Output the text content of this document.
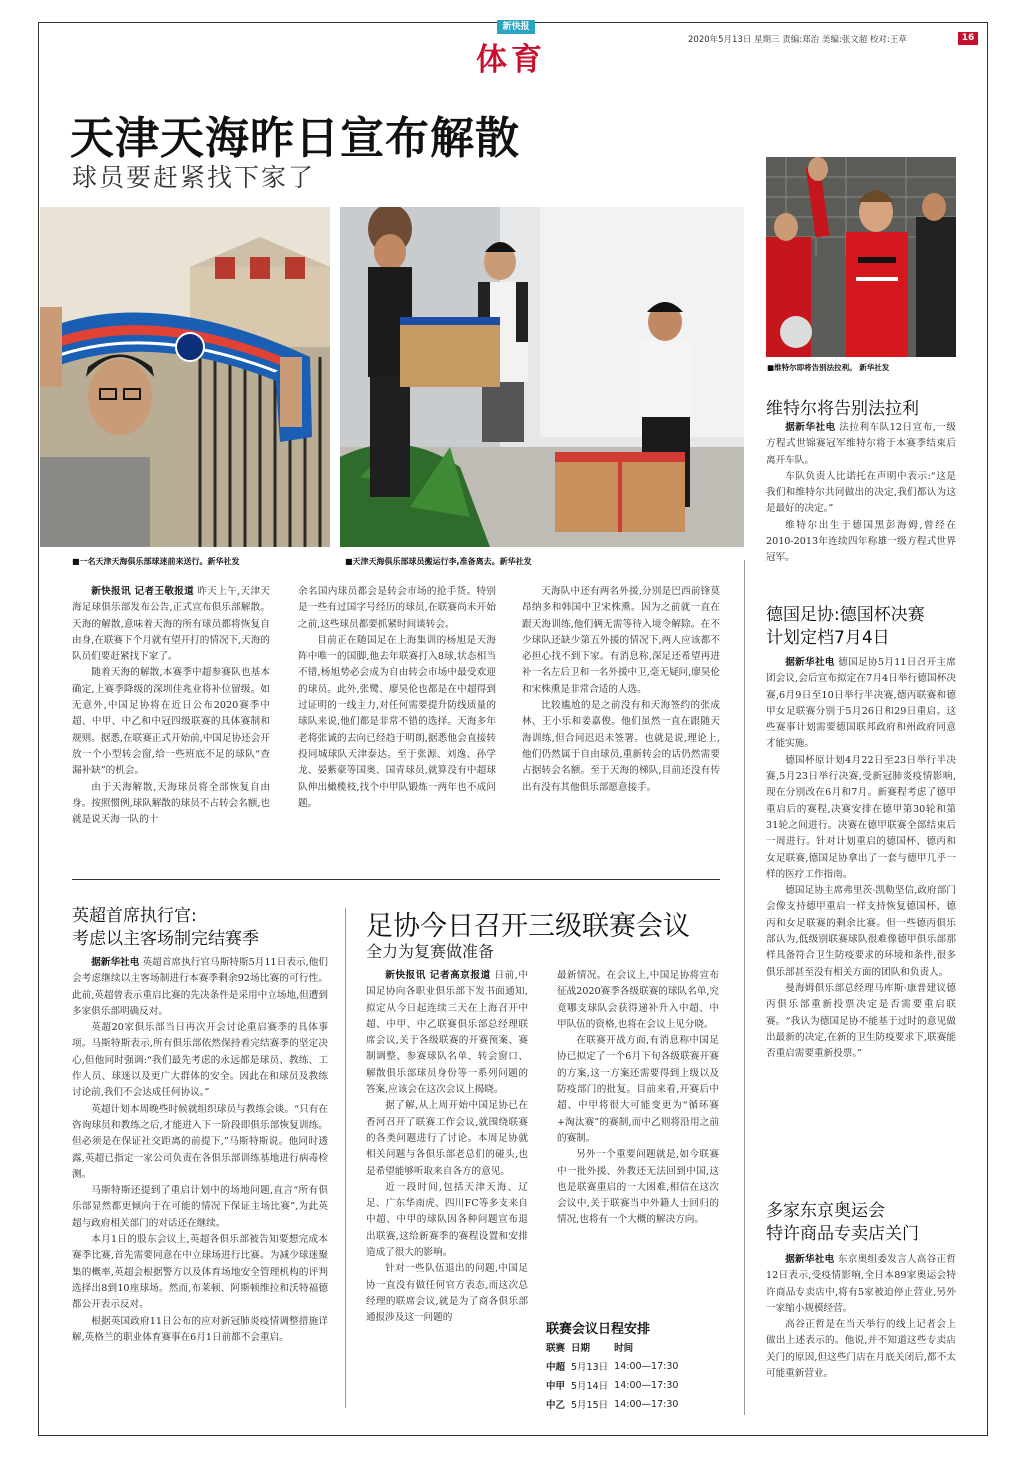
新快报
体育
2020年5月13日 星期三 责编:郑治 美编:张文超 校对:王草	16
天津天海昨日宣布解散
球员要赶紧找下家了
■一名天津天海俱乐部球迷前来送行。新华社发	■天津天海俱乐部球员搬运行李,准备离去。新华社发

新快报讯 记者王敬报道 昨天上午,天津天海足球俱乐部发布公告,正式宣布俱乐部解散。天海的解散,意味着天海的所有球员都将恢复自由身,在联赛下个月就有望开打的情况下,天海的队员们要赶紧找下家了。

随着天海的解散,本赛季中超参赛队也基本确定,上赛季降级的深圳佳兆业将补位留级。如无意外,中国足协将在近日公布2020赛季中超、中甲、中乙和中冠四级联赛的具体赛制和规则。据悉,在联赛正式开始前,中国足协还会开放一个小型转会窗,给一些班底不足的球队“查漏补缺”的机会。

由于天海解散,天海球员将全部恢复自由身。按照惯例,球队解散的球员不占转会名额,也就是说天海一队的十

余名国内球员都会是转会市场的抢手货。特别是一些有过国字号经历的球员,在联赛尚未开始之前,这些球员都要抓紧时间谈转会。

目前正在随国足在上海集训的杨旭是天海阵中唯一的国脚,他去年联赛打入8球,状态相当不错,杨旭势必会成为自由转会市场中最受欢迎的球员。此外,张鹭、廖昊伦也都是在中超得到过证明的一线主力,对任何需要提升防线质量的球队来说,他们都是非常不错的选择。天海多年老将张诚的去向已经趋于明朗,据悉他会直接转投同城球队天津泰达。至于张源、刘逸、孙学龙、晏紫豪等国奥、国青球员,就算没有中超球队伸出橄榄枝,找个中甲队锻炼一两年也不成问题。

天海队中还有两名外援,分别是巴西前锋莫昂纳多和韩国中卫宋株熏。因为之前就一直在跟天海训练,他们俩无需等待入境令解除。在不少球队还缺少第五外援的情况下,两人应该都不必担心找不到下家。有消息称,深足还希望再进补一名左后卫和一名外援中卫,毫无疑问,廖昊伦和宋株熏是非常合适的人选。

比较尴尬的是之前没有和天海签约的张成林、王小乐和姜嘉俊。他们虽然一直在跟随天海训练,但合同迟迟未签署。也就是说,理论上,他们仍然属于自由球员,重新转会的话仍然需要占据转会名额。至于天海的梯队,目前还没有传出有没有其他俱乐部愿意接手。

英超首席执行官:
考虑以主客场制完结赛季

据新华社电 英超首席执行官马斯特斯5月11日表示,他们会考虑继续以主客场制进行本赛季剩余92场比赛的可行性。此前,英超曾表示重启比赛的先决条件是采用中立场地,但遭到多家俱乐部明确反对。

英超20家俱乐部当日再次开会讨论重启赛季的具体事项。马斯特斯表示,所有俱乐部依然保持着完结赛季的坚定决心,但他同时强调:“我们最先考虑的永远都是球员、教练、工作人员、球迷以及更广大群体的安全。因此在和球员及教练讨论前,我们不会达成任何协议。”

英超计划本周晚些时候就组织球员与教练会谈。“只有在咨询球员和教练之后,才能进入下一阶段即俱乐部恢复训练。但必须是在保证社交距离的前提下,”马斯特斯说。他同时透露,英超已指定一家公司负责在各俱乐部训练基地进行病毒检测。

马斯特斯还提到了重启计划中的场地问题,直言“所有俱乐部显然都更倾向于在可能的情况下保证主场比赛”,为此英超与政府相关部门的对话还在继续。

本月1日的股东会议上,英超各俱乐部被告知要想完成本赛季比赛,首先需要同意在中立球场进行比赛。为减少球迷聚集的概率,英超会根据警方以及体育场地安全管理机构的评判选择出8到10座球场。然而,布莱顿、阿斯顿维拉和沃特福德都公开表示反对。

根据英国政府11日公布的应对新冠肺炎疫情调整措施详解,英格兰的职业体育赛事在6月1日前都不会重启。

足协今日召开三级联赛会议
全力为复赛做准备

新快报讯 记者高京报道 日前,中国足协向各职业俱乐部下发书面通知,拟定从今日起连续三天在上海召开中超、中甲、中乙联赛俱乐部总经理联席会议,关于各级联赛的开赛预案、赛制调整、参赛球队名单、转会窗口、解散俱乐部球员身份等一系列问题的答案,应该会在这次会议上揭晓。

据了解,从上周开始中国足协已在香河召开了联赛工作会议,就围绕联赛的各类问题进行了讨论。本周足协就相关问题与各俱乐部老总们的碰头,也是希望能够听取来自各方的意见。

近一段时间,包括天津天海、辽足、广东华南虎、四川FC等多支来自中超、中甲的球队因各种问题宣布退出联赛,这给新赛季的赛程设置和安排造成了很大的影响。

针对一些队伍退出的问题,中国足协一直没有做任何官方表态,而这次总经理的联席会议,就是为了商各俱乐部通报涉及这一问题的

最新情况。在会议上,中国足协将宣布征战2020赛季各级联赛的球队名单,究竟哪支球队会获得递补升入中超、中甲队伍的资格,也将在会议上见分晓。

在联赛开战方面,有消息称中国足协已拟定了一个6月下旬各级联赛开赛的方案,这一方案还需要得到上级以及防疫部门的批复。目前来看,开赛后中超、中甲将很大可能变更为“循环赛+淘汰赛”的赛制,而中乙则将沿用之前的赛制。

另外一个重要问题就是,如今联赛中一批外援、外教还无法回到中国,这也是联赛重启的一大困难,相信在这次会议中,关于联赛当中外籍人士回归的情况,也将有一个大概的解决方向。

联赛会议日程安排
联赛	日期	时间
中超	5月13日	14:00—17:30
中甲	5月14日	14:00—17:30
中乙	5月15日	14:00—17:30
■维特尔即将告别法拉利。 新华社发
维特尔将告别法拉利

据新华社电 法拉利车队12日宣布,一级方程式世锦赛冠军维特尔将于本赛季结束后离开车队。

车队负责人比诺托在声明中表示:“这是我们和维特尔共同做出的决定,我们都认为这是最好的决定。”

维特尔出生于德国黑彭海姆,曾经在2010-2013年连续四年称雄一级方程式世界冠军。

德国足协:德国杯决赛
计划定档7月4日

据新华社电 德国足协5月11日召开主席团会议,会后宣布拟定在7月4日举行德国杯决赛,6月9日至10日举行半决赛,德丙联赛和德甲女足联赛分别于5月26日和29日重启。这些赛事计划需要德国联邦政府和州政府同意才能实施。

德国杯原计划4月22日至23日举行半决赛,5月23日举行决赛,受新冠肺炎疫情影响,现在分别改在6月和7月。新赛程考虑了德甲重启后的赛程,决赛安排在德甲第30轮和第31轮之间进行。决赛在德甲联赛全部结束后一周进行。针对计划重启的德国杯、德丙和女足联赛,德国足协拿出了一套与德甲几乎一样的医疗工作指南。

德国足协主席弗里茨·凯勒坚信,政府部门会像支持德甲重启一样支持恢复德国杯、德丙和女足联赛的剩余比赛。但一些德丙俱乐部认为,低级别联赛球队很难像德甲俱乐部那样具备符合卫生防疫要求的环境和条件,很多俱乐部甚至没有相关方面的团队和负责人。

曼海姆俱乐部总经理马库斯·康普建议德丙俱乐部重新投票决定是否需要重启联赛。“我认为德国足协不能基于过时的意见做出最新的决定,在新的卫生防疫要求下,联赛能否重启需要重新投票。”

多家东京奥运会
特许商品专卖店关门

据新华社电 东京奥组委发言人高谷正哲12日表示,受疫情影响,全日本89家奥运会特许商品专卖店中,将有5家被迫停止营业,另外一家缩小规模经营。

高谷正哲是在当天举行的线上记者会上做出上述表示的。他说,并不知道这些专卖店关门的原因,但这些门店在月底关闭后,都不太可能重新营业。
